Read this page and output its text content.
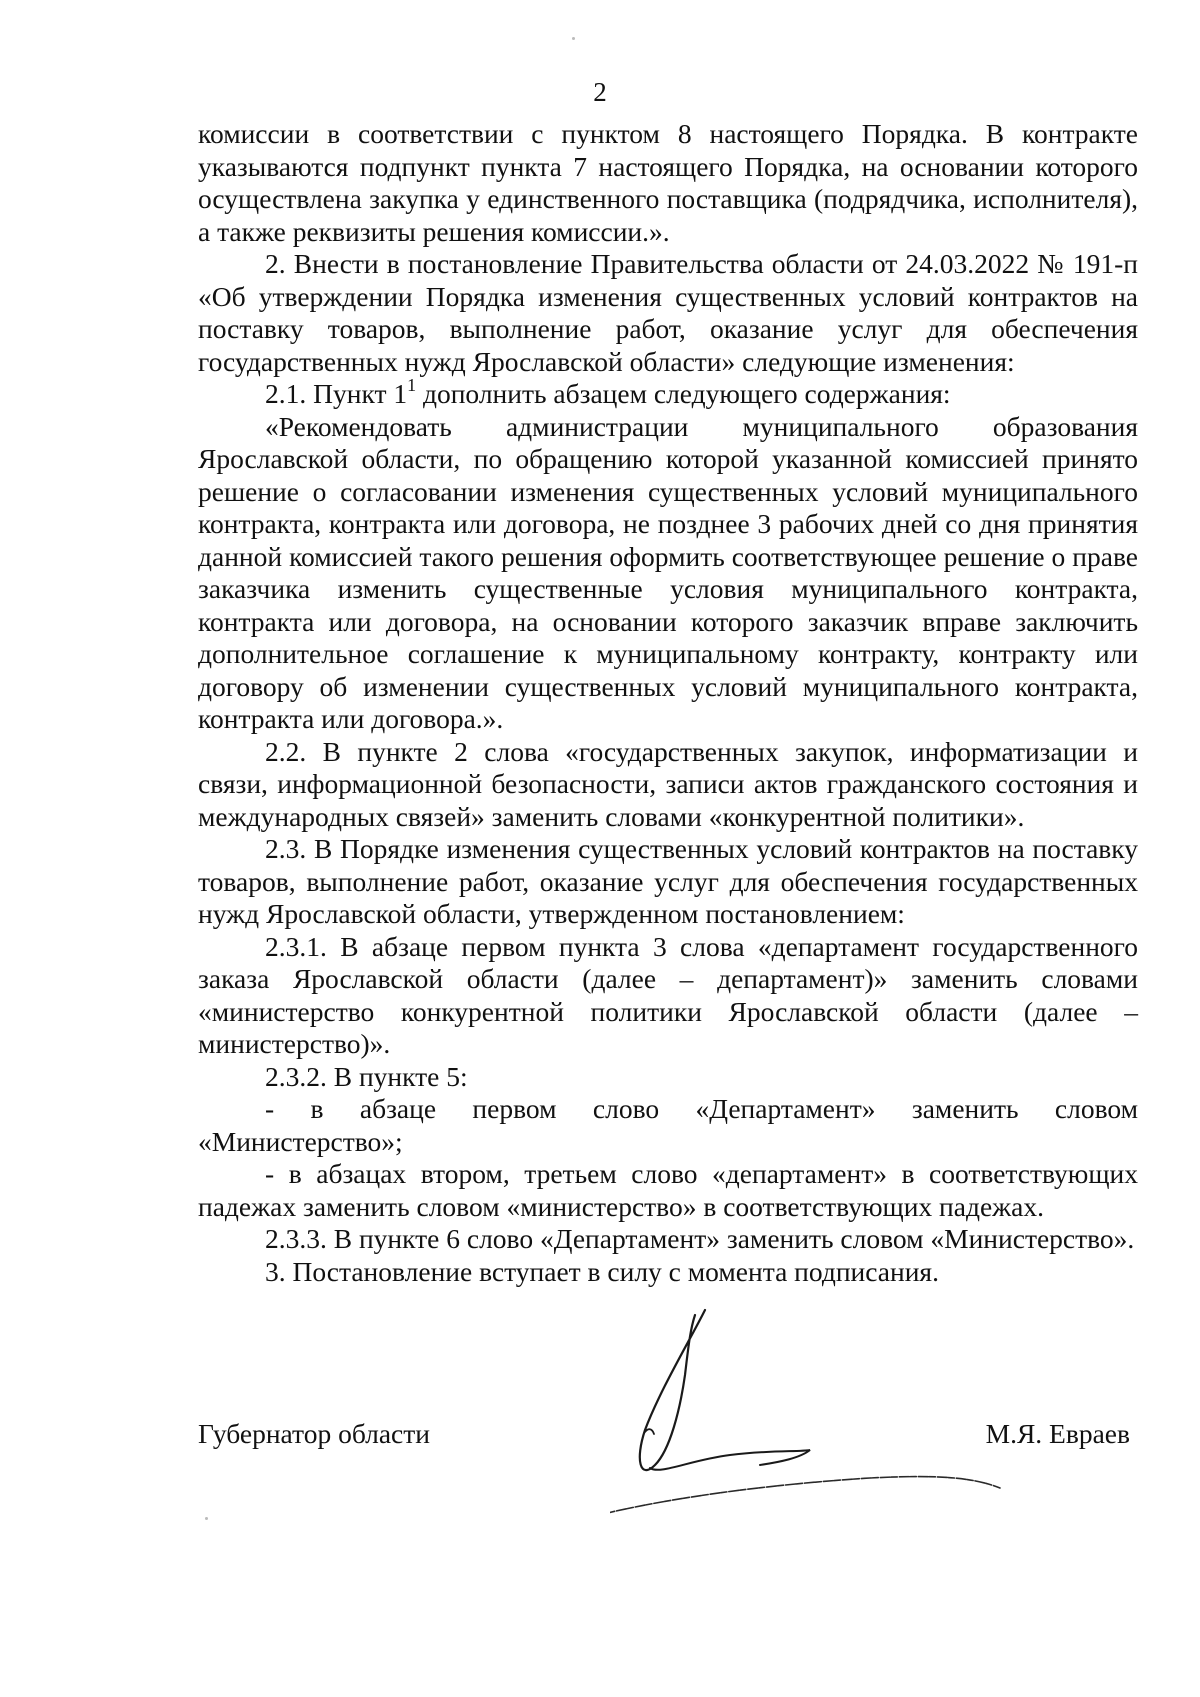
2

комиссии в соответствии с пунктом 8 настоящего Порядка. В контракте указываются подпункт пункта 7 настоящего Порядка, на основании которого осуществлена закупка у единственного поставщика (подрядчика, исполнителя), а также реквизиты решения комиссии.».

2. Внести в постановление Правительства области от 24.03.2022 № 191-п «Об утверждении Порядка изменения существенных условий контрактов на поставку товаров, выполнение работ, оказание услуг для обеспечения государственных нужд Ярославской области» следующие изменения:

2.1. Пункт $1^1$ дополнить абзацем следующего содержания:

«Рекомендовать администрации муниципального образования Ярославской области, по обращению которой указанной комиссией принято решение о согласовании изменения существенных условий муниципального контракта, контракта или договора, не позднее 3 рабочих дней со дня принятия данной комиссией такого решения оформить соответствующее решение о праве заказчика изменить существенные условия муниципального контракта, контракта или договора, на основании которого заказчик вправе заключить дополнительное соглашение к муниципальному контракту, контракту или договору об изменении существенных условий муниципального контракта, контракта или договора.».

2.2. В пункте 2 слова «государственных закупок, информатизации и связи, информационной безопасности, записи актов гражданского состояния и международных связей» заменить словами «конкурентной политики».

2.3. В Порядке изменения существенных условий контрактов на поставку товаров, выполнение работ, оказание услуг для обеспечения государственных нужд Ярославской области, утвержденном постановлением:

2.3.1. В абзаце первом пункта 3 слова «департамент государственного заказа Ярославской области (далее – департамент)» заменить словами «министерство конкурентной политики Ярославской области (далее – министерство)».

2.3.2. В пункте 5:

- в абзаце первом слово «Департамент» заменить словом «Министерство»;

- в абзацах втором, третьем слово «департамент» в соответствующих падежах заменить словом «министерство» в соответствующих падежах.

2.3.3. В пункте 6 слово «Департамент» заменить словом «Министерство».

3. Постановление вступает в силу с момента подписания.

Губернатор области	М.Я. Евраев
